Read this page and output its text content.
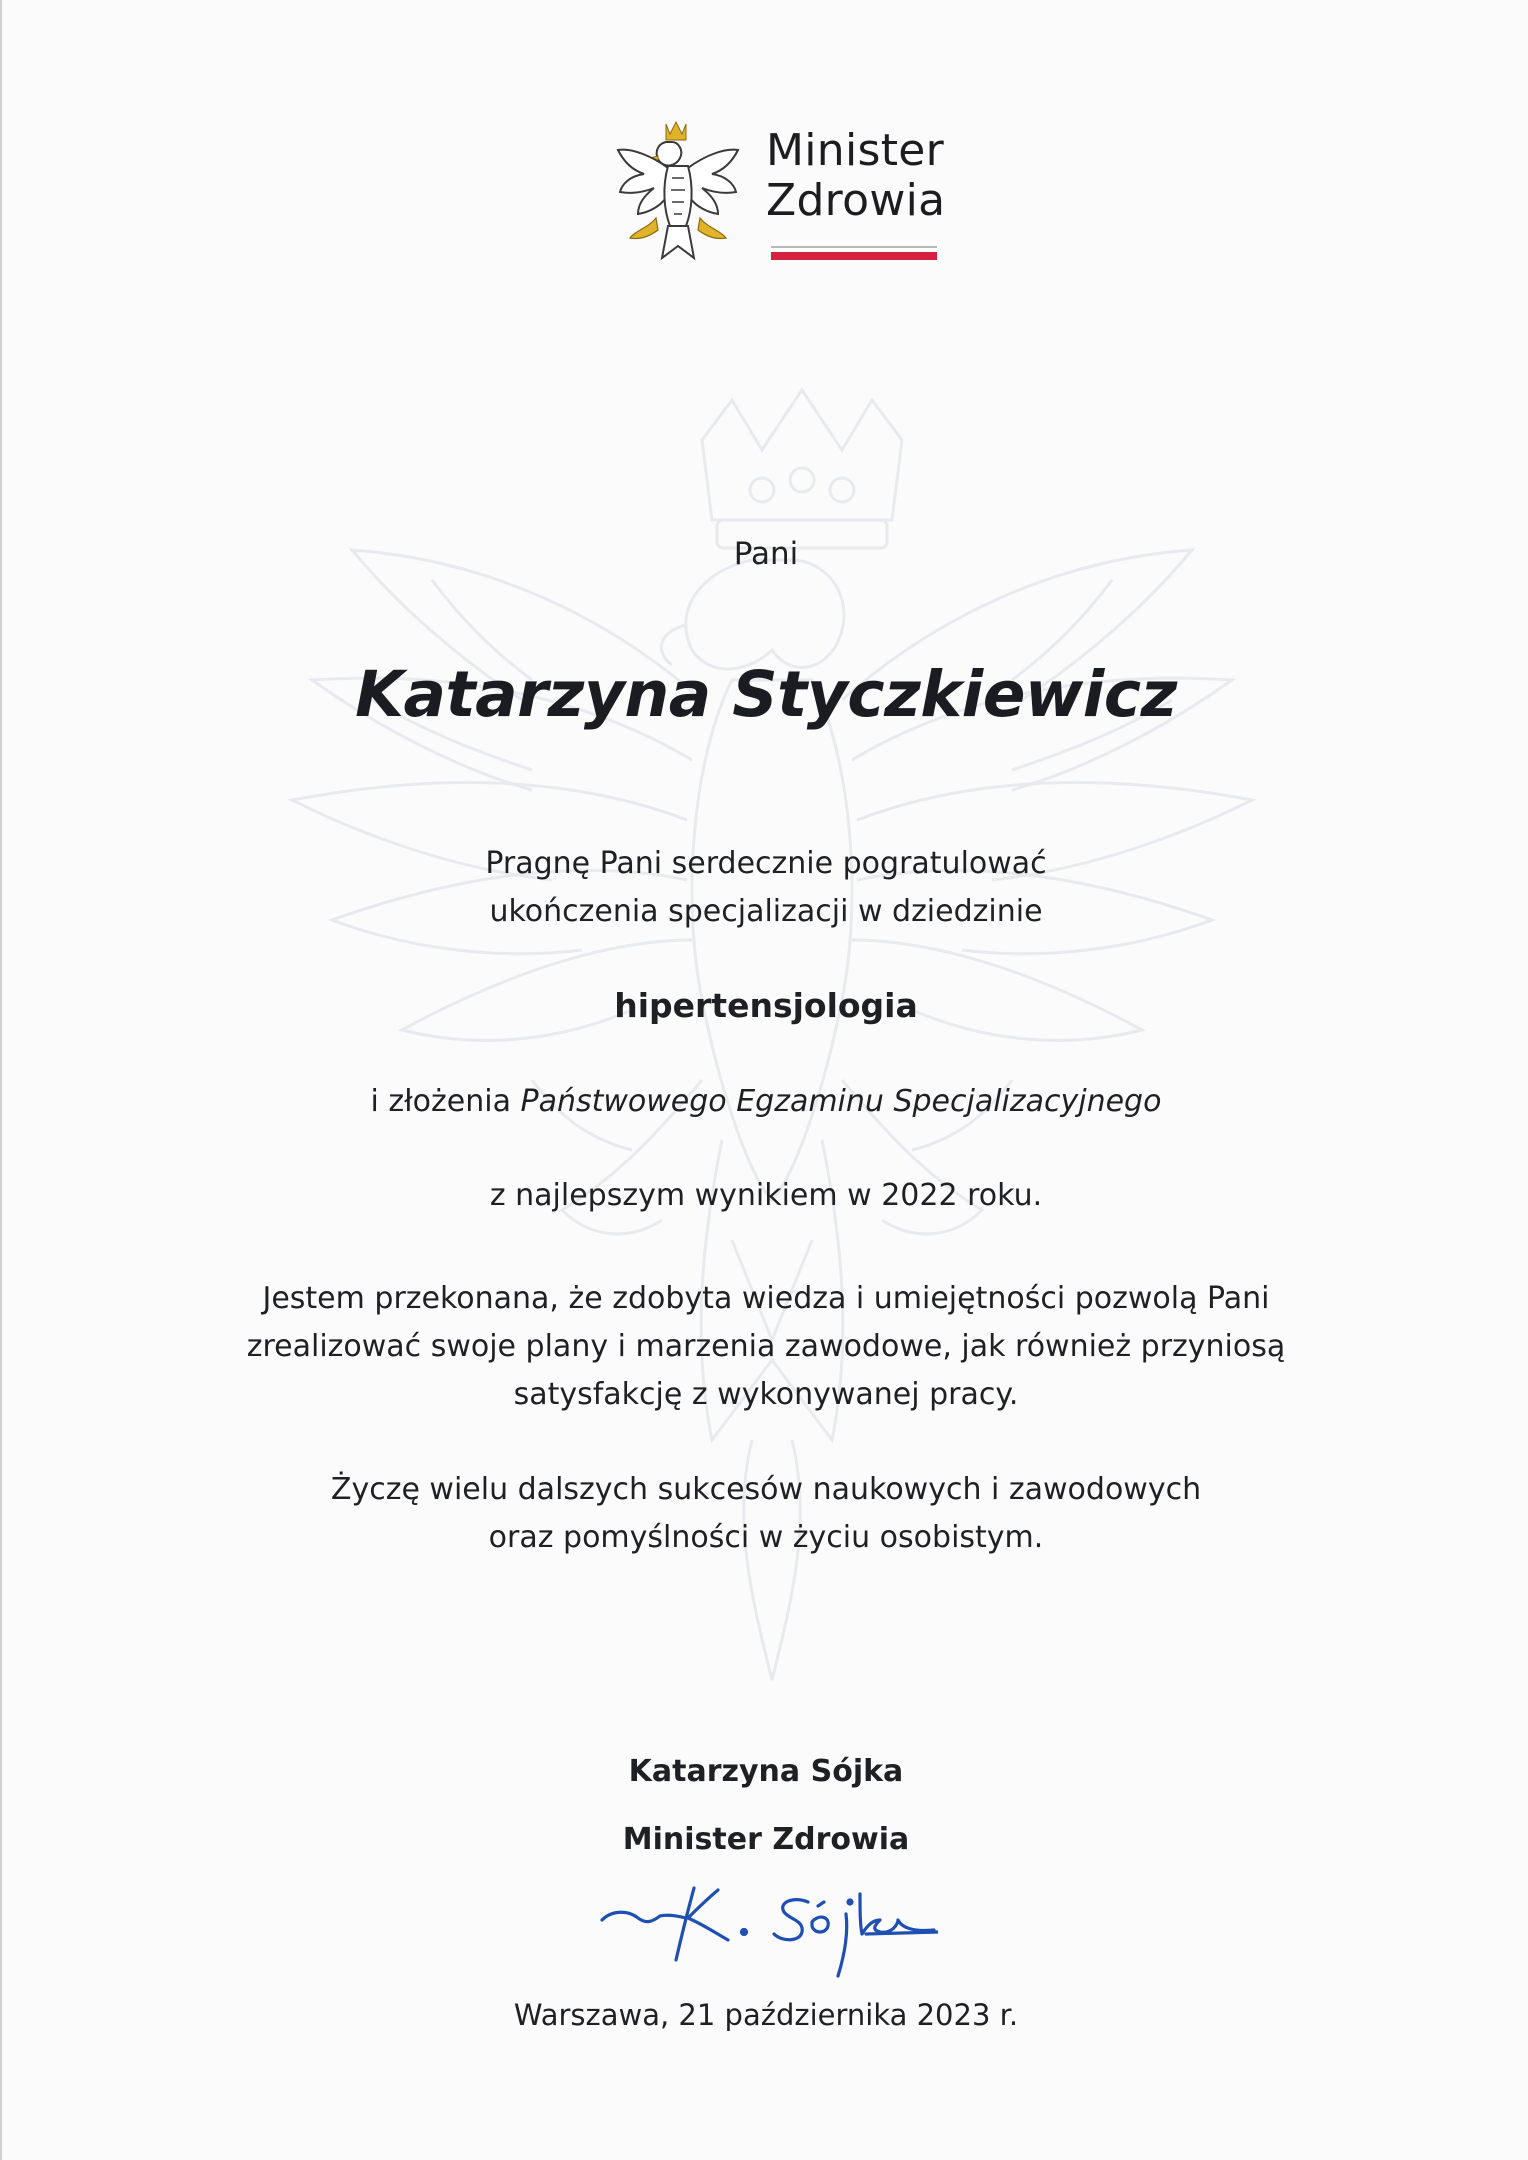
Minister
Zdrowia
Pani
Katarzyna Styczkiewicz
Pragnę Pani serdecznie pogratulować
ukończenia specjalizacji w dziedzinie
hipertensjologia
i złożenia Państwowego Egzaminu Specjalizacyjnego
z najlepszym wynikiem w 2022 roku.
Jestem przekonana, że zdobyta wiedza i umiejętności pozwolą Pani
zrealizować swoje plany i marzenia zawodowe, jak również przyniosą
satysfakcję z wykonywanej pracy.
Życzę wielu dalszych sukcesów naukowych i zawodowych
oraz pomyślności w życiu osobistym.
Katarzyna Sójka
Minister Zdrowia
Warszawa, 21 października 2023 r.
